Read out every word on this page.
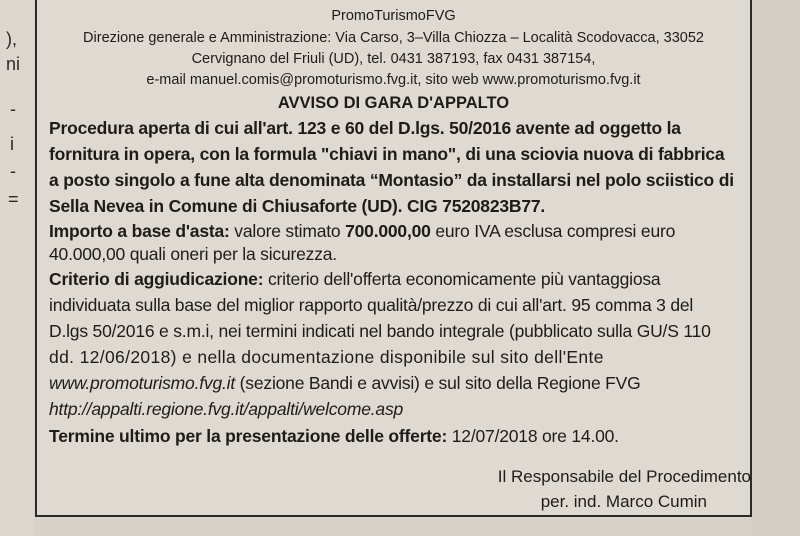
),
ni
-
i
-
=
PromoTurismoFVG
Direzione generale e Amministrazione: Via Carso, 3–Villa Chiozza – Località Scodovacca, 33052
Cervignano del Friuli (UD), tel. 0431 387193, fax 0431 387154,
e-mail manuel.comis@promoturismo.fvg.it, sito web www.promoturismo.fvg.it
AVVISO DI GARA D'APPALTO
Procedura aperta di cui all'art. 123 e 60 del D.lgs. 50/2016 avente ad oggetto la
fornitura in opera, con la formula "chiavi in mano", di una sciovia nuova di fabbrica
a posto singolo a fune alta denominata “Montasio” da installarsi nel polo sciistico di
Sella Nevea in Comune di Chiusaforte (UD). CIG 7520823B77.
Importo a base d'asta: valore stimato 700.000,00 euro IVA esclusa compresi euro
40.000,00 quali oneri per la sicurezza.
Criterio di aggiudicazione: criterio dell'offerta economicamente più vantaggiosa
individuata sulla base del miglior rapporto qualità/prezzo di cui all'art. 95 comma 3 del
D.lgs 50/2016 e s.m.i, nei termini indicati nel bando integrale (pubblicato sulla GU/S 110
dd. 12/06/2018) e nella documentazione disponibile sul sito dell'Ente
www.promoturismo.fvg.it (sezione Bandi e avvisi) e sul sito della Regione FVG
http://appalti.regione.fvg.it/appalti/welcome.asp
Termine ultimo per la presentazione delle offerte: 12/07/2018 ore 14.00.
Il Responsabile del Procedimento
per. ind. Marco Cumin
